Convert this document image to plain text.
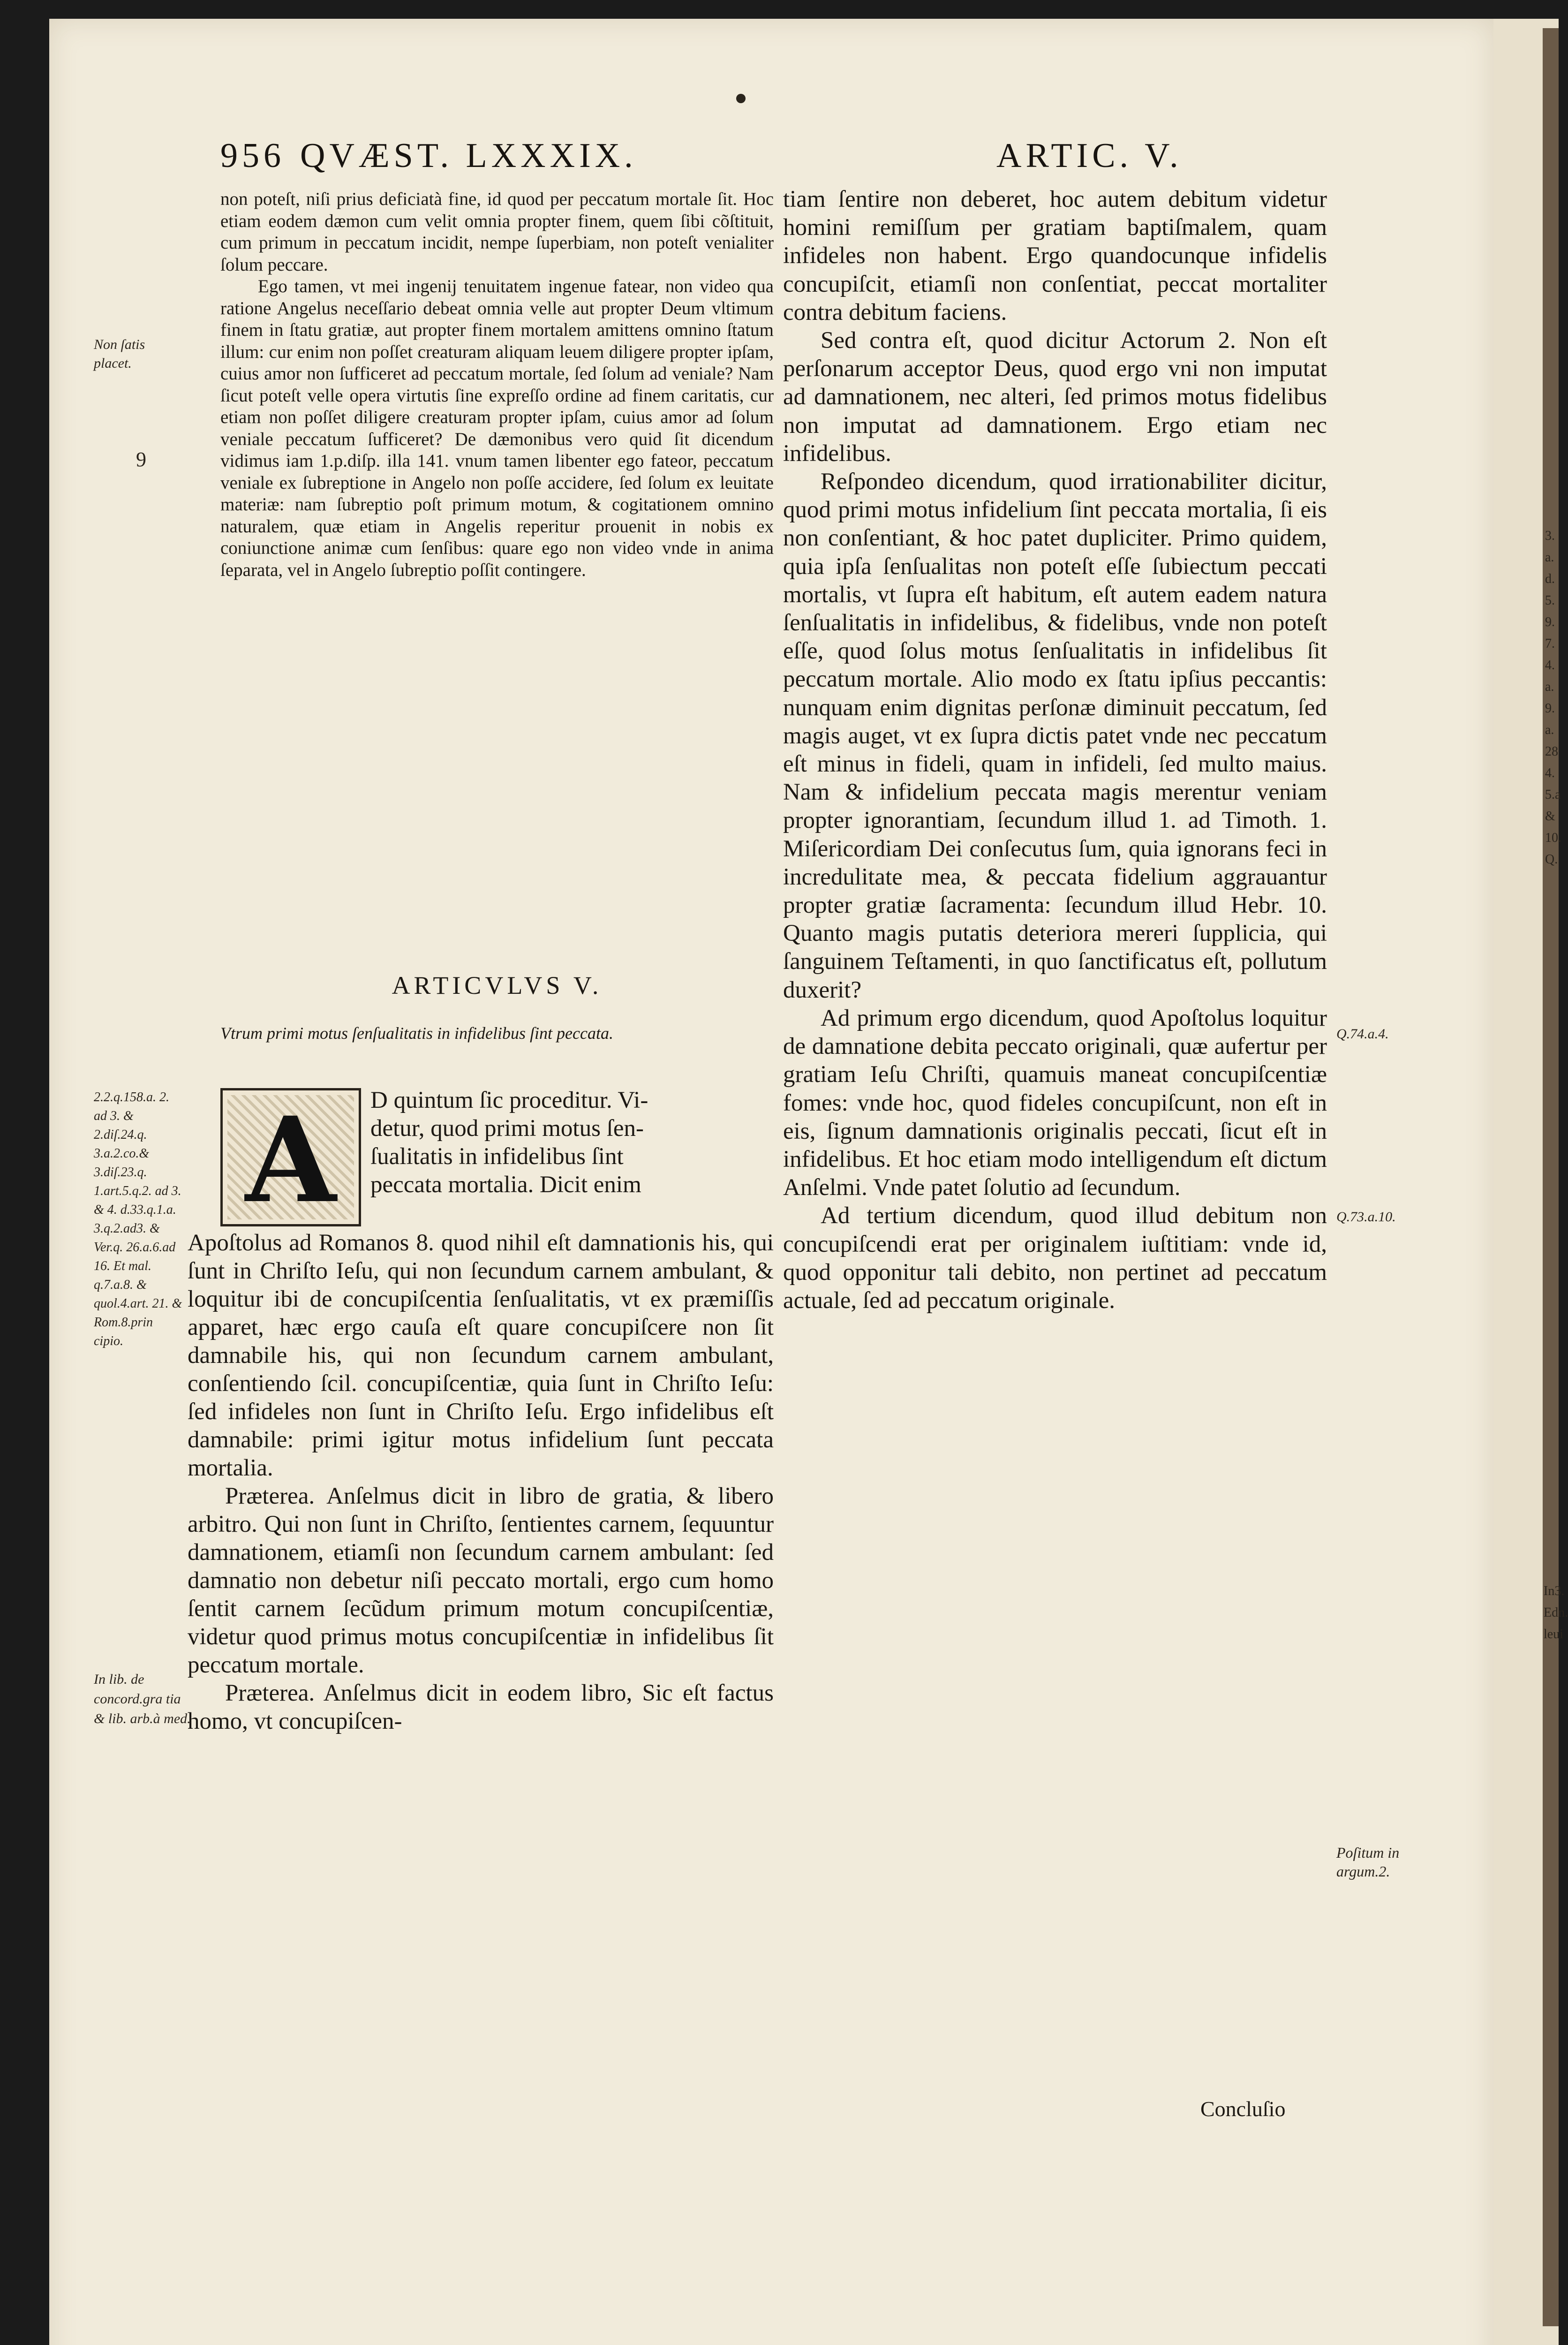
956 QVÆST. LXXXIX.	ARTIC. V.

non poteſt, niſi prius deficiatà fine, id quod per peccatum mortale ſit. Hoc etiam eodem dæmon cum velit omnia propter finem, quem ſibi cõſtituit, cum primum in peccatum incidit, nempe ſuperbiam, non poteſt venialiter ſolum peccare.

Ego tamen, vt mei ingenij tenuitatem ingenue fatear, non video qua ratione Angelus neceſſario debeat omnia velle aut propter Deum vltimum finem in ſtatu gratiæ, aut propter finem mortalem amittens omnino ſtatum illum: cur enim non poſſet creaturam aliquam leuem diligere propter ipſam, cuius amor non ſufficeret ad peccatum mortale, ſed ſolum ad veniale? Nam ſicut poteſt velle opera virtutis ſine expreſſo ordine ad finem caritatis, cur etiam non poſſet diligere creaturam propter ipſam, cuius amor ad ſolum veniale peccatum ſufficeret? De dæmonibus vero quid ſit dicendum vidimus iam 1.p.diſp. illa 141. vnum tamen libenter ego fateor, peccatum veniale ex ſubreptione in Angelo non poſſe accidere, ſed ſolum ex leuitate materiæ: nam ſubreptio poſt primum motum, & cogitationem omnino naturalem, quæ etiam in Angelis reperitur prouenit in nobis ex coniunctione animæ cum ſenſibus: quare ego non video vnde in anima ſeparata, vel in Angelo ſubreptio poſſit contingere.

ARTICVLVS V.
Vtrum primi motus ſenſualitatis in infidelibus ſint peccata.
A	D quintum ſic proceditur. Vi-
detur, quod primi motus ſen-
ſualitatis in infidelibus ſint
peccata mortalia. Dicit enim

Apoſtolus ad Romanos 8. quod nihil eſt damnationis his, qui ſunt in Chriſto Ieſu, qui non ſecundum carnem ambulant, & loquitur ibi de concupiſcentia ſenſualitatis, vt ex præmiſſis apparet, hæc ergo cauſa eſt quare concupiſcere non ſit damnabile his, qui non ſecundum carnem ambulant, conſentiendo ſcil. concupiſcentiæ, quia ſunt in Chriſto Ieſu: ſed infideles non ſunt in Chriſto Ieſu. Ergo infidelibus eſt damnabile: primi igitur motus infidelium ſunt peccata mortalia.

Præterea. Anſelmus dicit in libro de gratia, & libero arbitro. Qui non ſunt in Chriſto, ſentientes carnem, ſequuntur damnationem, etiamſi non ſecundum carnem ambulant: ſed damnatio non debetur niſi peccato mortali, ergo cum homo ſentit carnem ſecũdum primum motum concupiſcentiæ, videtur quod primus motus concupiſcentiæ in infidelibus ſit peccatum mortale.

Præterea. Anſelmus dicit in eodem libro, Sic eſt factus homo, vt concupiſcen-

tiam ſentire non deberet, hoc autem debitum videtur homini remiſſum per gratiam baptiſmalem, quam infideles non habent. Ergo quandocunque infidelis concupiſcit, etiamſi non conſentiat, peccat mortaliter contra debitum faciens.

Sed contra eſt, quod dicitur Actorum 2. Non eſt perſonarum acceptor Deus, quod ergo vni non imputat ad damnationem, nec alteri, ſed primos motus fidelibus non imputat ad damnationem. Ergo etiam nec infidelibus.

Reſpondeo dicendum, quod irrationabiliter dicitur, quod primi motus infidelium ſint peccata mortalia, ſi eis non conſentiant, & hoc patet dupliciter. Primo quidem, quia ipſa ſenſualitas non poteſt eſſe ſubiectum peccati mortalis, vt ſupra eſt habitum, eſt autem eadem natura ſenſualitatis in infidelibus, & fidelibus, vnde non poteſt eſſe, quod ſolus motus ſenſualitatis in infidelibus ſit peccatum mortale. Alio modo ex ſtatu ipſius peccantis: nunquam enim dignitas perſonæ diminuit peccatum, ſed magis auget, vt ex ſupra dictis patet vnde nec peccatum eſt minus in fideli, quam in infideli, ſed multo maius. Nam & infidelium peccata magis merentur veniam propter ignorantiam, ſecundum illud 1. ad Timoth. 1. Miſericordiam Dei conſecutus ſum, quia ignorans feci in incredulitate mea, & peccata fidelium aggrauantur propter gratiæ ſacramenta: ſecundum illud Hebr. 10. Quanto magis putatis deteriora mereri ſupplicia, qui ſanguinem Teſtamenti, in quo ſanctificatus eſt, pollutum duxerit?

Ad primum ergo dicendum, quod Apoſtolus loquitur de damnatione debita peccato originali, quæ aufertur per gratiam Ieſu Chriſti, quamuis maneat concupiſcentiæ fomes: vnde hoc, quod fideles concupiſcunt, non eſt in eis, ſignum damnationis originalis peccati, ſicut eſt in infidelibus. Et hoc etiam modo intelligendum eſt dictum Anſelmi. Vnde patet ſolutio ad ſecundum.

Ad tertium dicendum, quod illud debitum non concupiſcendi erat per originalem iuſtitiam: vnde id, quod opponitur tali debito, non pertinet ad peccatum actuale, ſed ad peccatum originale.

Concluſio
Non ſatis placet.
9
2.2.q.158.a. 2. ad 3. & 2.diſ.24.q. 3.a.2.co.& 3.diſ.23.q. 1.art.5.q.2. ad 3. & 4. d.33.q.1.a. 3.q.2.ad3. & Ver.q. 26.a.6.ad 16. Et mal. q.7.a.8. & quol.4.art. 21. & Rom.8.prin cipio.
In lib. de concord.gra tia & lib. arb.à med.
Q.74.a.4.
Q.73.a.10.
Poſitum in argum.2.
3.
a.
d.
5.
9.
7.
4.
a.
9.
a.
28
4.
5.a
&
10.
Q.
In3.
Edn.
leui
